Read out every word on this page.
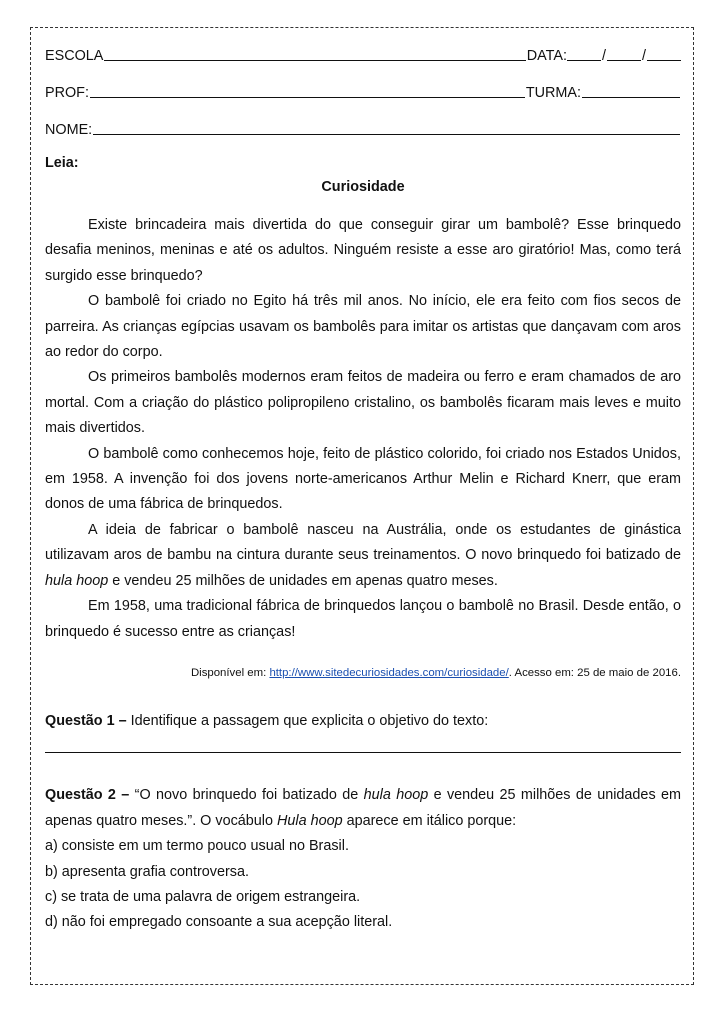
ESCOLA	DATA: /	/
PROF:	TURMA:
NOME:
Leia:
Curiosidade

Existe brincadeira mais divertida do que conseguir girar um bambolê? Esse brinquedo desafia meninos, meninas e até os adultos. Ninguém resiste a esse aro giratório! Mas, como terá surgido esse brinquedo?

O bambolê foi criado no Egito há três mil anos. No início, ele era feito com fios secos de parreira. As crianças egípcias usavam os bambolês para imitar os artistas que dançavam com aros ao redor do corpo.

Os primeiros bambolês modernos eram feitos de madeira ou ferro e eram chamados de aro mortal. Com a criação do plástico polipropileno cristalino, os bambolês ficaram mais leves e muito mais divertidos.

O bambolê como conhecemos hoje, feito de plástico colorido, foi criado nos Estados Unidos, em 1958. A invenção foi dos jovens norte-americanos Arthur Melin e Richard Knerr, que eram donos de uma fábrica de brinquedos.

A ideia de fabricar o bambolê nasceu na Austrália, onde os estudantes de ginástica utilizavam aros de bambu na cintura durante seus treinamentos. O novo brinquedo foi batizado de hula hoop e vendeu 25 milhões de unidades em apenas quatro meses.

Em 1958, uma tradicional fábrica de brinquedos lançou o bambolê no Brasil. Desde então, o brinquedo é sucesso entre as crianças!

Disponível em: http://www.sitedecuriosidades.com/curiosidade/. Acesso em: 25 de maio de 2016.
Questão 1 – Identifique a passagem que explicita o objetivo do texto:
Questão 2 – “O novo brinquedo foi batizado de hula hoop e vendeu 25 milhões de unidades em apenas quatro meses.”. O vocábulo Hula hoop aparece em itálico porque:
a) consiste em um termo pouco usual no Brasil.
b) apresenta grafia controversa.
c) se trata de uma palavra de origem estrangeira.
d) não foi empregado consoante a sua acepção literal.
